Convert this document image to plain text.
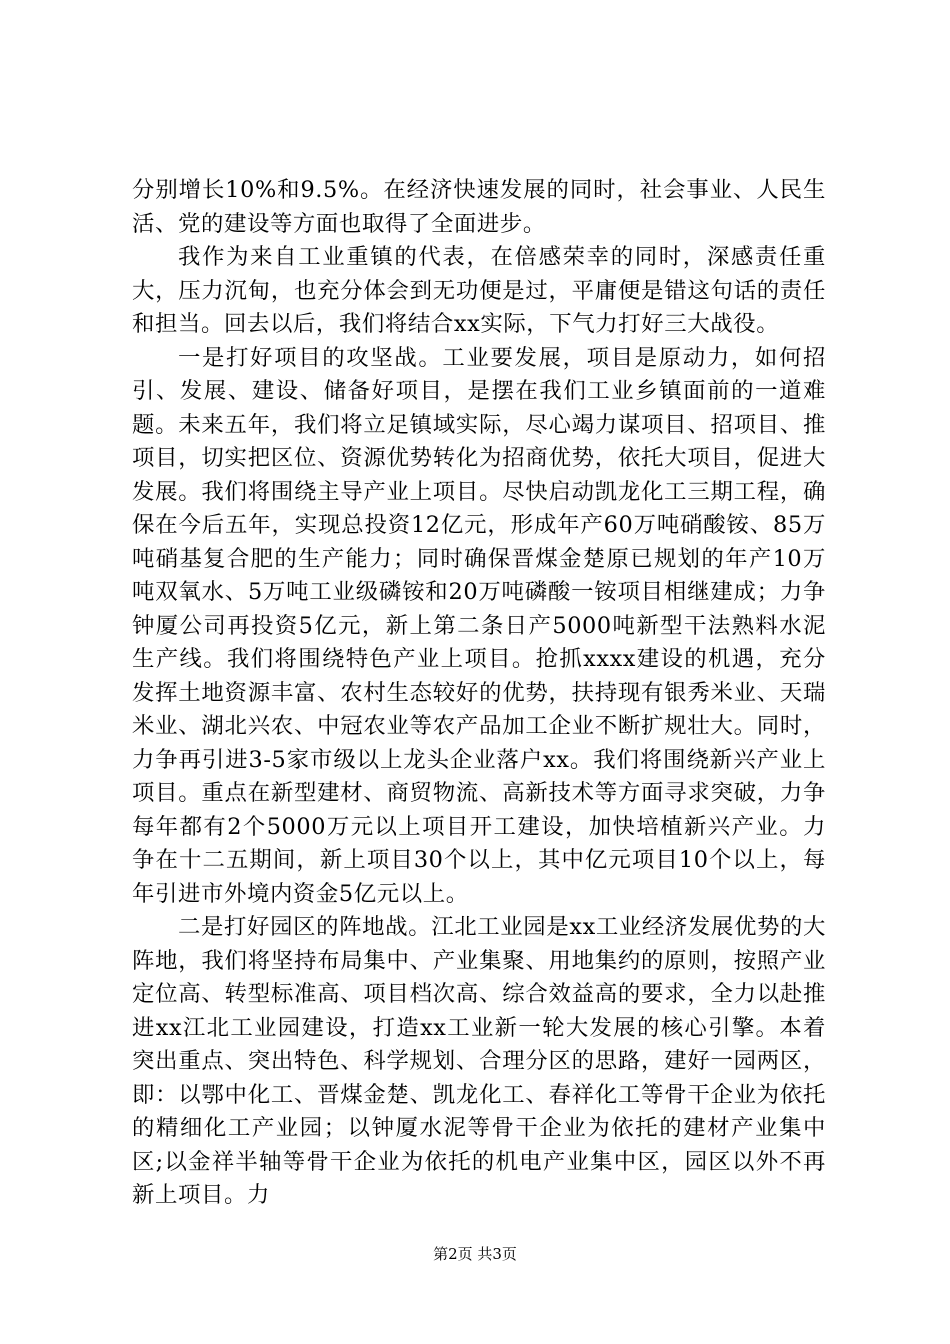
分别增长10%和9.5%。在经济快速发展的同时，社会事业、人民生活、党的建设等方面也取得了全面进步。

我作为来自工业重镇的代表，在倍感荣幸的同时，深感责任重大，压力沉甸，也充分体会到无功便是过，平庸便是错这句话的责任和担当。回去以后，我们将结合xx实际，下气力打好三大战役。

一是打好项目的攻坚战。工业要发展，项目是原动力，如何招引、发展、建设、储备好项目，是摆在我们工业乡镇面前的一道难题。未来五年，我们将立足镇域实际，尽心竭力谋项目、招项目、推项目，切实把区位、资源优势转化为招商优势，依托大项目，促进大发展。我们将围绕主导产业上项目。尽快启动凯龙化工三期工程，确保在今后五年，实现总投资12亿元，形成年产60万吨硝酸铵、85万吨硝基复合肥的生产能力；同时确保晋煤金楚原已规划的年产10万吨双氧水、5万吨工业级磷铵和20万吨磷酸一铵项目相继建成；力争钟厦公司再投资5亿元，新上第二条日产5000吨新型干法熟料水泥生产线。我们将围绕特色产业上项目。抢抓xxxx建设的机遇，充分发挥土地资源丰富、农村生态较好的优势，扶持现有银秀米业、天瑞米业、湖北兴农、中冠农业等农产品加工企业不断扩规壮大。同时，力争再引进3-5家市级以上龙头企业落户xx。我们将围绕新兴产业上项目。重点在新型建材、商贸物流、高新技术等方面寻求突破，力争每年都有2个5000万元以上项目开工建设，加快培植新兴产业。力争在十二五期间，新上项目30个以上，其中亿元项目10个以上，每年引进市外境内资金5亿元以上。

二是打好园区的阵地战。江北工业园是xx工业经济发展优势的大阵地，我们将坚持布局集中、产业集聚、用地集约的原则，按照产业定位高、转型标准高、项目档次高、综合效益高的要求，全力以赴推进xx江北工业园建设，打造xx工业新一轮大发展的核心引擎。本着突出重点、突出特色、科学规划、合理分区的思路，建好一园两区，即：以鄂中化工、晋煤金楚、凯龙化工、春祥化工等骨干企业为依托的精细化工产业园；以钟厦水泥等骨干企业为依托的建材产业集中区;以金祥半轴等骨干企业为依托的机电产业集中区，园区以外不再新上项目。力

第2页 共3页
